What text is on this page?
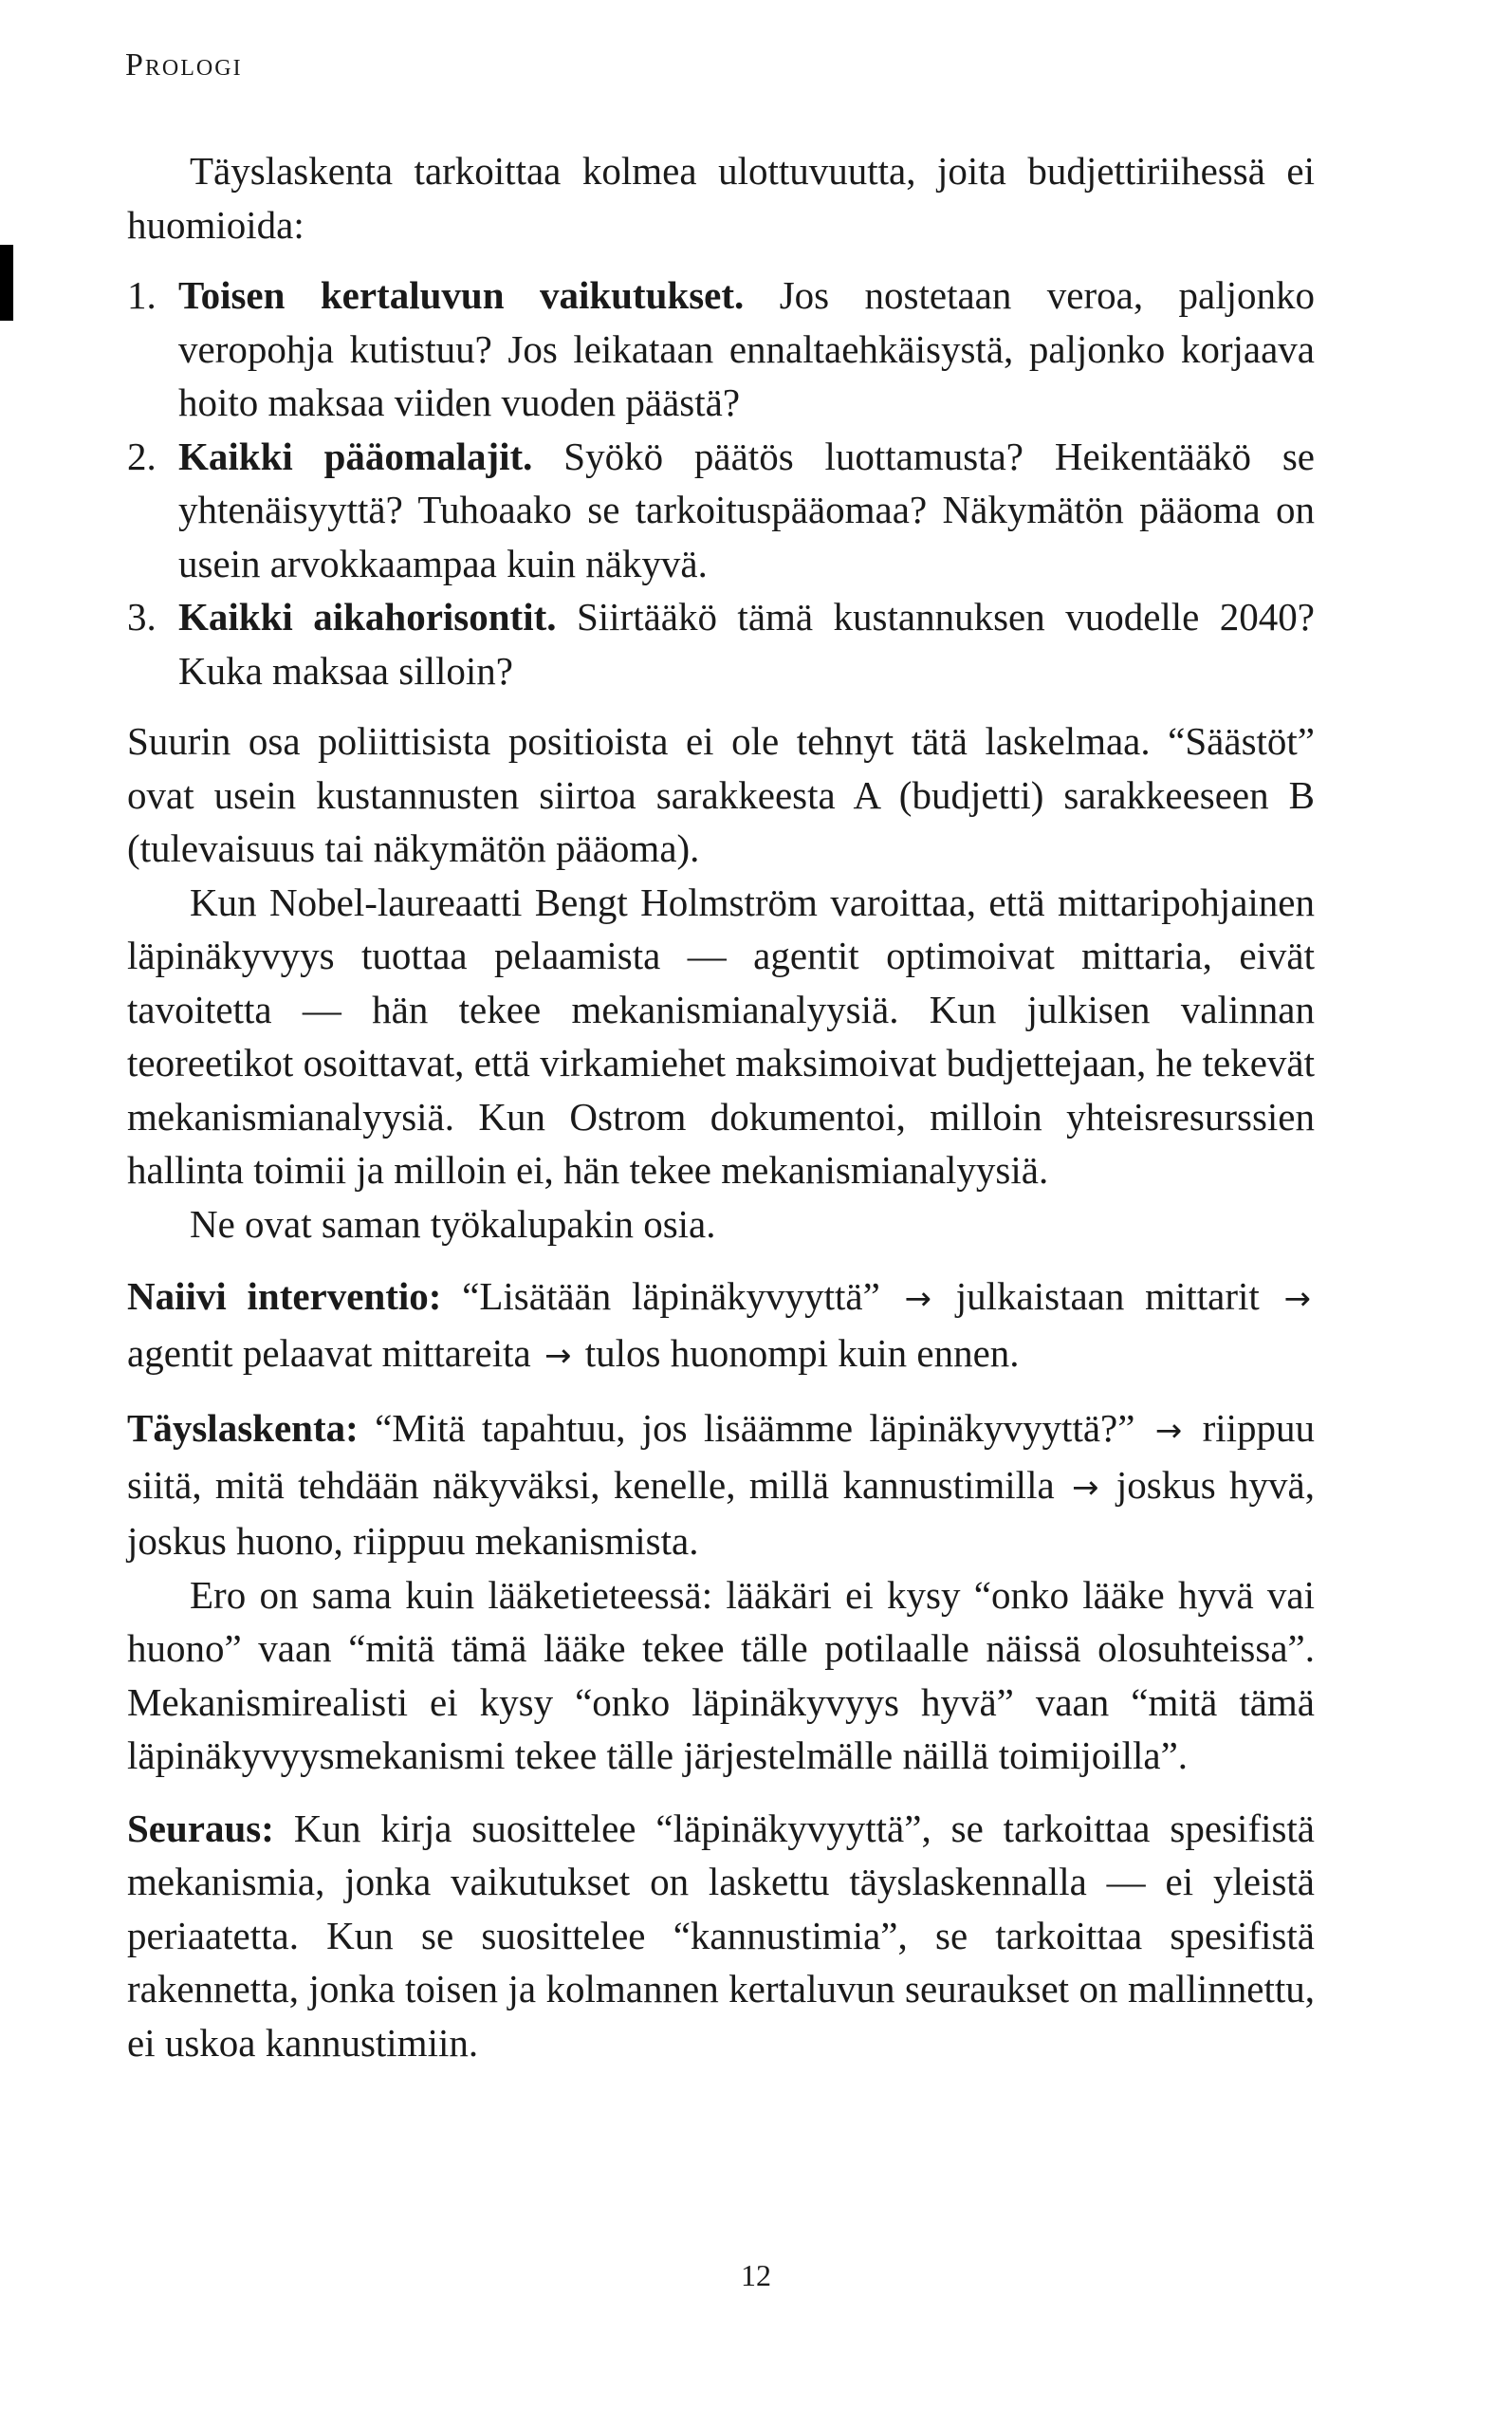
Prologi

Täyslaskenta tarkoittaa kolmea ulottuvuutta, joita budjettiriihessä ei huomioida:

1. Toisen kertaluvun vaikutukset. Jos nostetaan veroa, paljonko veropohja kutistuu? Jos leikataan ennaltaehkäisystä, paljonko korjaava hoito maksaa viiden vuoden päästä?
2. Kaikki pääomalajit. Syökö päätös luottamusta? Heikentääkö se yhtenäisyyttä? Tuhoaako se tarkoituspääomaa? Näkymätön pääoma on usein arvokkaampaa kuin näkyvä.
3. Kaikki aikahorisontit. Siirtääkö tämä kustannuksen vuodelle 2040? Kuka maksaa silloin?

Suurin osa poliittisista positioista ei ole tehnyt tätä laskelmaa. “Säästöt” ovat usein kustannusten siirtoa sarakkeesta A (budjetti) sarakkeeseen B (tulevaisuus tai näkymätön pääoma).

Kun Nobel-laureaatti Bengt Holmström varoittaa, että mittaripohjainen läpinäkyvyys tuottaa pelaamista — agentit optimoivat mittaria, eivät tavoitetta — hän tekee mekanismianalyysiä. Kun julkisen valinnan teoreetikot osoittavat, että virkamiehet maksimoivat budjettejaan, he tekevät mekanismianalyysiä. Kun Ostrom dokumentoi, milloin yhteisresurssien hallinta toimii ja milloin ei, hän tekee mekanismianalyysiä.

Ne ovat saman työkalupakin osia.

Naiivi interventio: “Lisätään läpinäkyvyyttä” → julkaistaan mittarit → agentit pelaavat mittareita → tulos huonompi kuin ennen.

Täyslaskenta: “Mitä tapahtuu, jos lisäämme läpinäkyvyyttä?” → riippuu siitä, mitä tehdään näkyväksi, kenelle, millä kannustimilla → joskus hyvä, joskus huono, riippuu mekanismista.

Ero on sama kuin lääketieteessä: lääkäri ei kysy “onko lääke hyvä vai huono” vaan “mitä tämä lääke tekee tälle potilaalle näissä olosuhteissa”. Mekanismirealisti ei kysy “onko läpinäkyvyys hyvä” vaan “mitä tämä läpinäkyvyysmekanismi tekee tälle järjestelmälle näillä toimijoilla”.

Seuraus: Kun kirja suosittelee “läpinäkyvyyttä”, se tarkoittaa spesifistä mekanismia, jonka vaikutukset on laskettu täyslaskennalla — ei yleistä periaatetta. Kun se suosittelee “kannustimia”, se tarkoittaa spesifistä rakennetta, jonka toisen ja kolmannen kertaluvun seuraukset on mallinnettu, ei uskoa kannustimiin.

12
